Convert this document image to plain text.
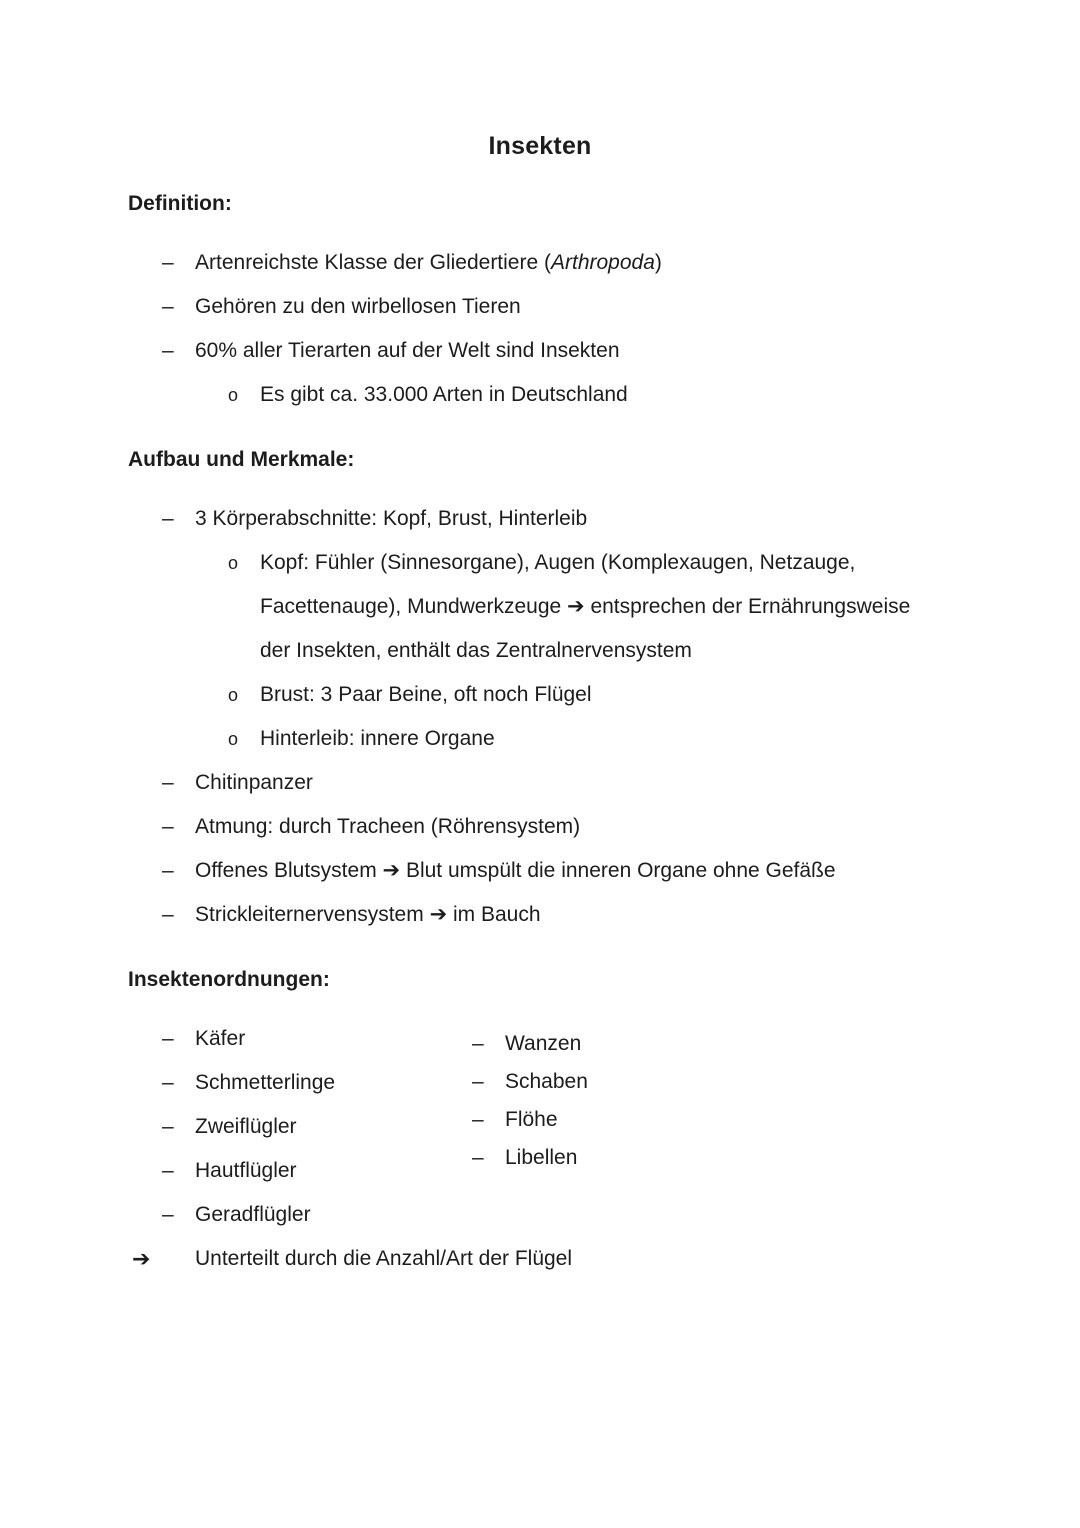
Insekten
Definition:
– Artenreichste Klasse der Gliedertiere (Arthropoda)
– Gehören zu den wirbellosen Tieren
– 60% aller Tierarten auf der Welt sind Insekten
o Es gibt ca. 33.000 Arten in Deutschland
Aufbau und Merkmale:
– 3 Körperabschnitte: Kopf, Brust, Hinterleib
o Kopf: Fühler (Sinnesorgane), Augen (Komplexaugen, Netzauge, Facettenauge), Mundwerkzeuge ➔ entsprechen der Ernährungsweise der Insekten, enthält das Zentralnervensystem
o Brust: 3 Paar Beine, oft noch Flügel
o Hinterleib: innere Organe
– Chitinpanzer
– Atmung: durch Tracheen (Röhrensystem)
– Offenes Blutsystem ➔ Blut umspült die inneren Organe ohne Gefäße
– Strickleiternervensystem ➔ im Bauch
Insektenordnungen:
– Käfer
– Schmetterlinge
– Zweiflügler
– Hautflügler
– Geradflügler
– Wanzen
– Schaben
– Flöhe
– Libellen
➔ Unterteilt durch die Anzahl/Art der Flügel
